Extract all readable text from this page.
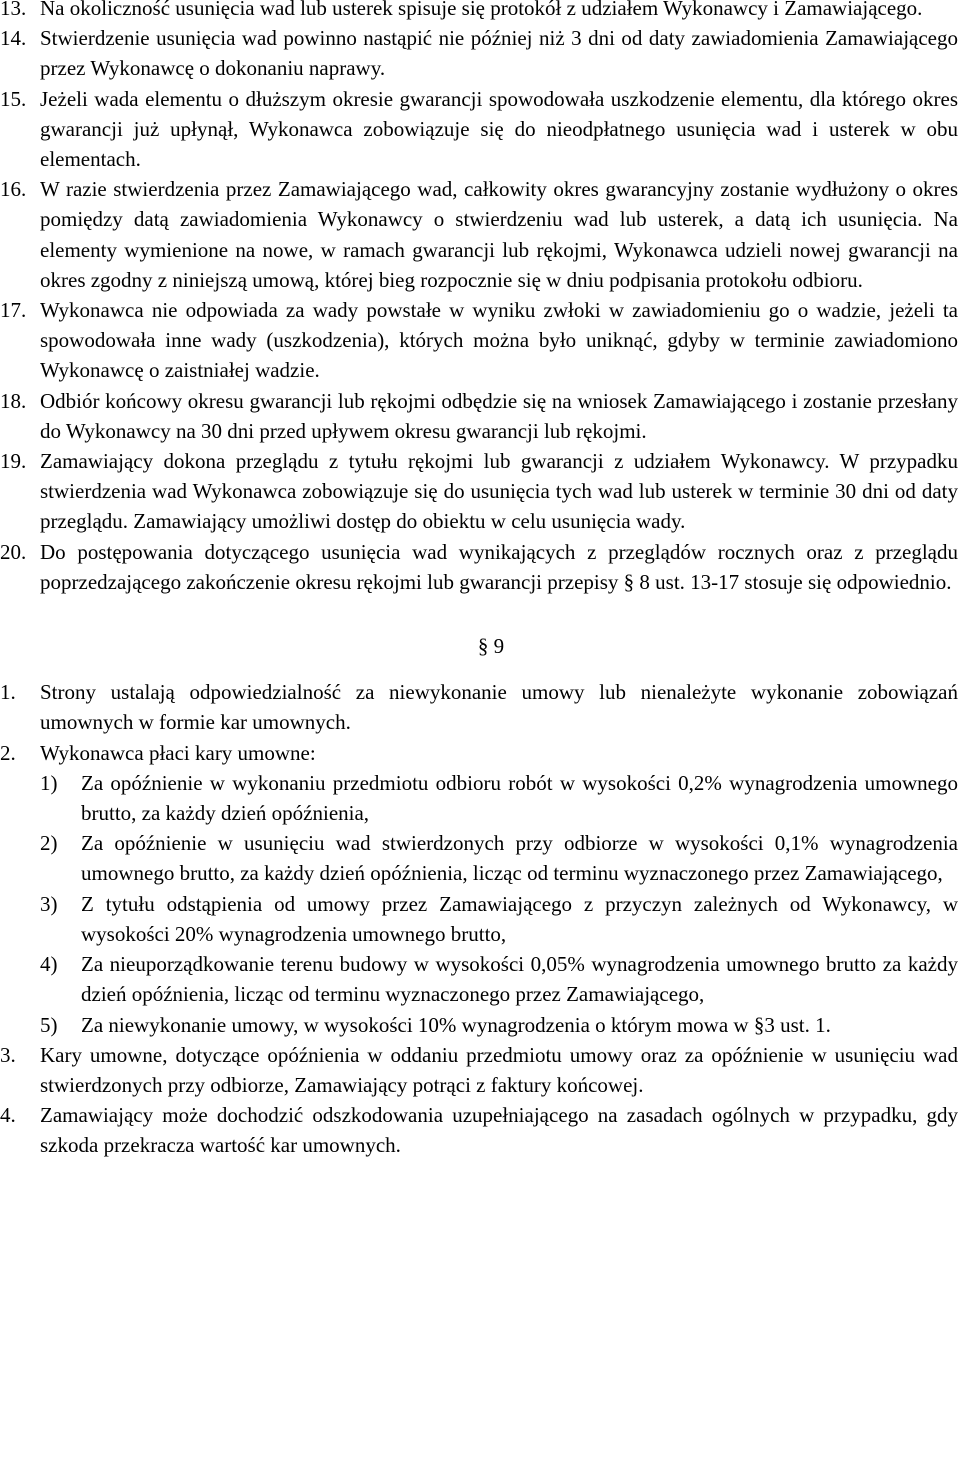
13. Na okoliczność usunięcia wad lub usterek spisuje się protokół z udziałem Wykonawcy i Zamawiającego.
14. Stwierdzenie usunięcia wad powinno nastąpić nie później niż 3 dni od daty zawiadomienia Zamawiającego przez Wykonawcę o dokonaniu naprawy.
15. Jeżeli wada elementu o dłuższym okresie gwarancji spowodowała uszkodzenie elementu, dla którego okres gwarancji już upłynął, Wykonawca zobowiązuje się do nieodpłatnego usunięcia wad i usterek w obu elementach.
16. W razie stwierdzenia przez Zamawiającego wad, całkowity okres gwarancyjny zostanie wydłużony o okres pomiędzy datą zawiadomienia Wykonawcy o stwierdzeniu wad lub usterek, a datą ich usunięcia. Na elementy wymienione na nowe, w ramach gwarancji lub rękojmi, Wykonawca udzieli nowej gwarancji na okres zgodny z niniejszą umową, której bieg rozpocznie się w dniu podpisania protokołu odbioru.
17. Wykonawca nie odpowiada za wady powstałe w wyniku zwłoki w zawiadomieniu go o wadzie, jeżeli ta spowodowała inne wady (uszkodzenia), których można było uniknąć, gdyby w terminie zawiadomiono Wykonawcę o zaistniałej wadzie.
18. Odbiór końcowy okresu gwarancji lub rękojmi odbędzie się na wniosek Zamawiającego i zostanie przesłany do Wykonawcy na 30 dni przed upływem okresu gwarancji lub rękojmi.
19. Zamawiający dokona przeglądu z tytułu rękojmi lub gwarancji z udziałem Wykonawcy. W przypadku stwierdzenia wad Wykonawca zobowiązuje się do usunięcia tych wad lub usterek w terminie 30 dni od daty przeglądu. Zamawiający umożliwi dostęp do obiektu w celu usunięcia wady.
20. Do postępowania dotyczącego usunięcia wad wynikających z przeglądów rocznych oraz z przeglądu poprzedzającego zakończenie okresu rękojmi lub gwarancji przepisy § 8 ust. 13-17 stosuje się odpowiednio.
§ 9
1. Strony ustalają odpowiedzialność za niewykonanie umowy lub nienależyte wykonanie zobowiązań umownych w formie kar umownych.
2. Wykonawca płaci kary umowne:
1) Za opóźnienie w wykonaniu przedmiotu odbioru robót w wysokości 0,2% wynagrodzenia umownego brutto, za każdy dzień opóźnienia,
2) Za opóźnienie w usunięciu wad stwierdzonych przy odbiorze w wysokości 0,1% wynagrodzenia umownego brutto, za każdy dzień opóźnienia, licząc od terminu wyznaczonego przez Zamawiającego,
3) Z tytułu odstąpienia od umowy przez Zamawiającego z przyczyn zależnych od Wykonawcy, w wysokości 20% wynagrodzenia umownego brutto,
4) Za nieuporządkowanie terenu budowy w wysokości 0,05% wynagrodzenia umownego brutto za każdy dzień opóźnienia, licząc od terminu wyznaczonego przez Zamawiającego,
5) Za niewykonanie umowy, w wysokości 10% wynagrodzenia o którym mowa w §3 ust. 1.
3. Kary umowne, dotyczące opóźnienia w oddaniu przedmiotu umowy oraz za opóźnienie w usunięciu wad stwierdzonych przy odbiorze, Zamawiający potrąci z faktury końcowej.
4. Zamawiający może dochodzić odszkodowania uzupełniającego na zasadach ogólnych w przypadku, gdy szkoda przekracza wartość kar umownych.
